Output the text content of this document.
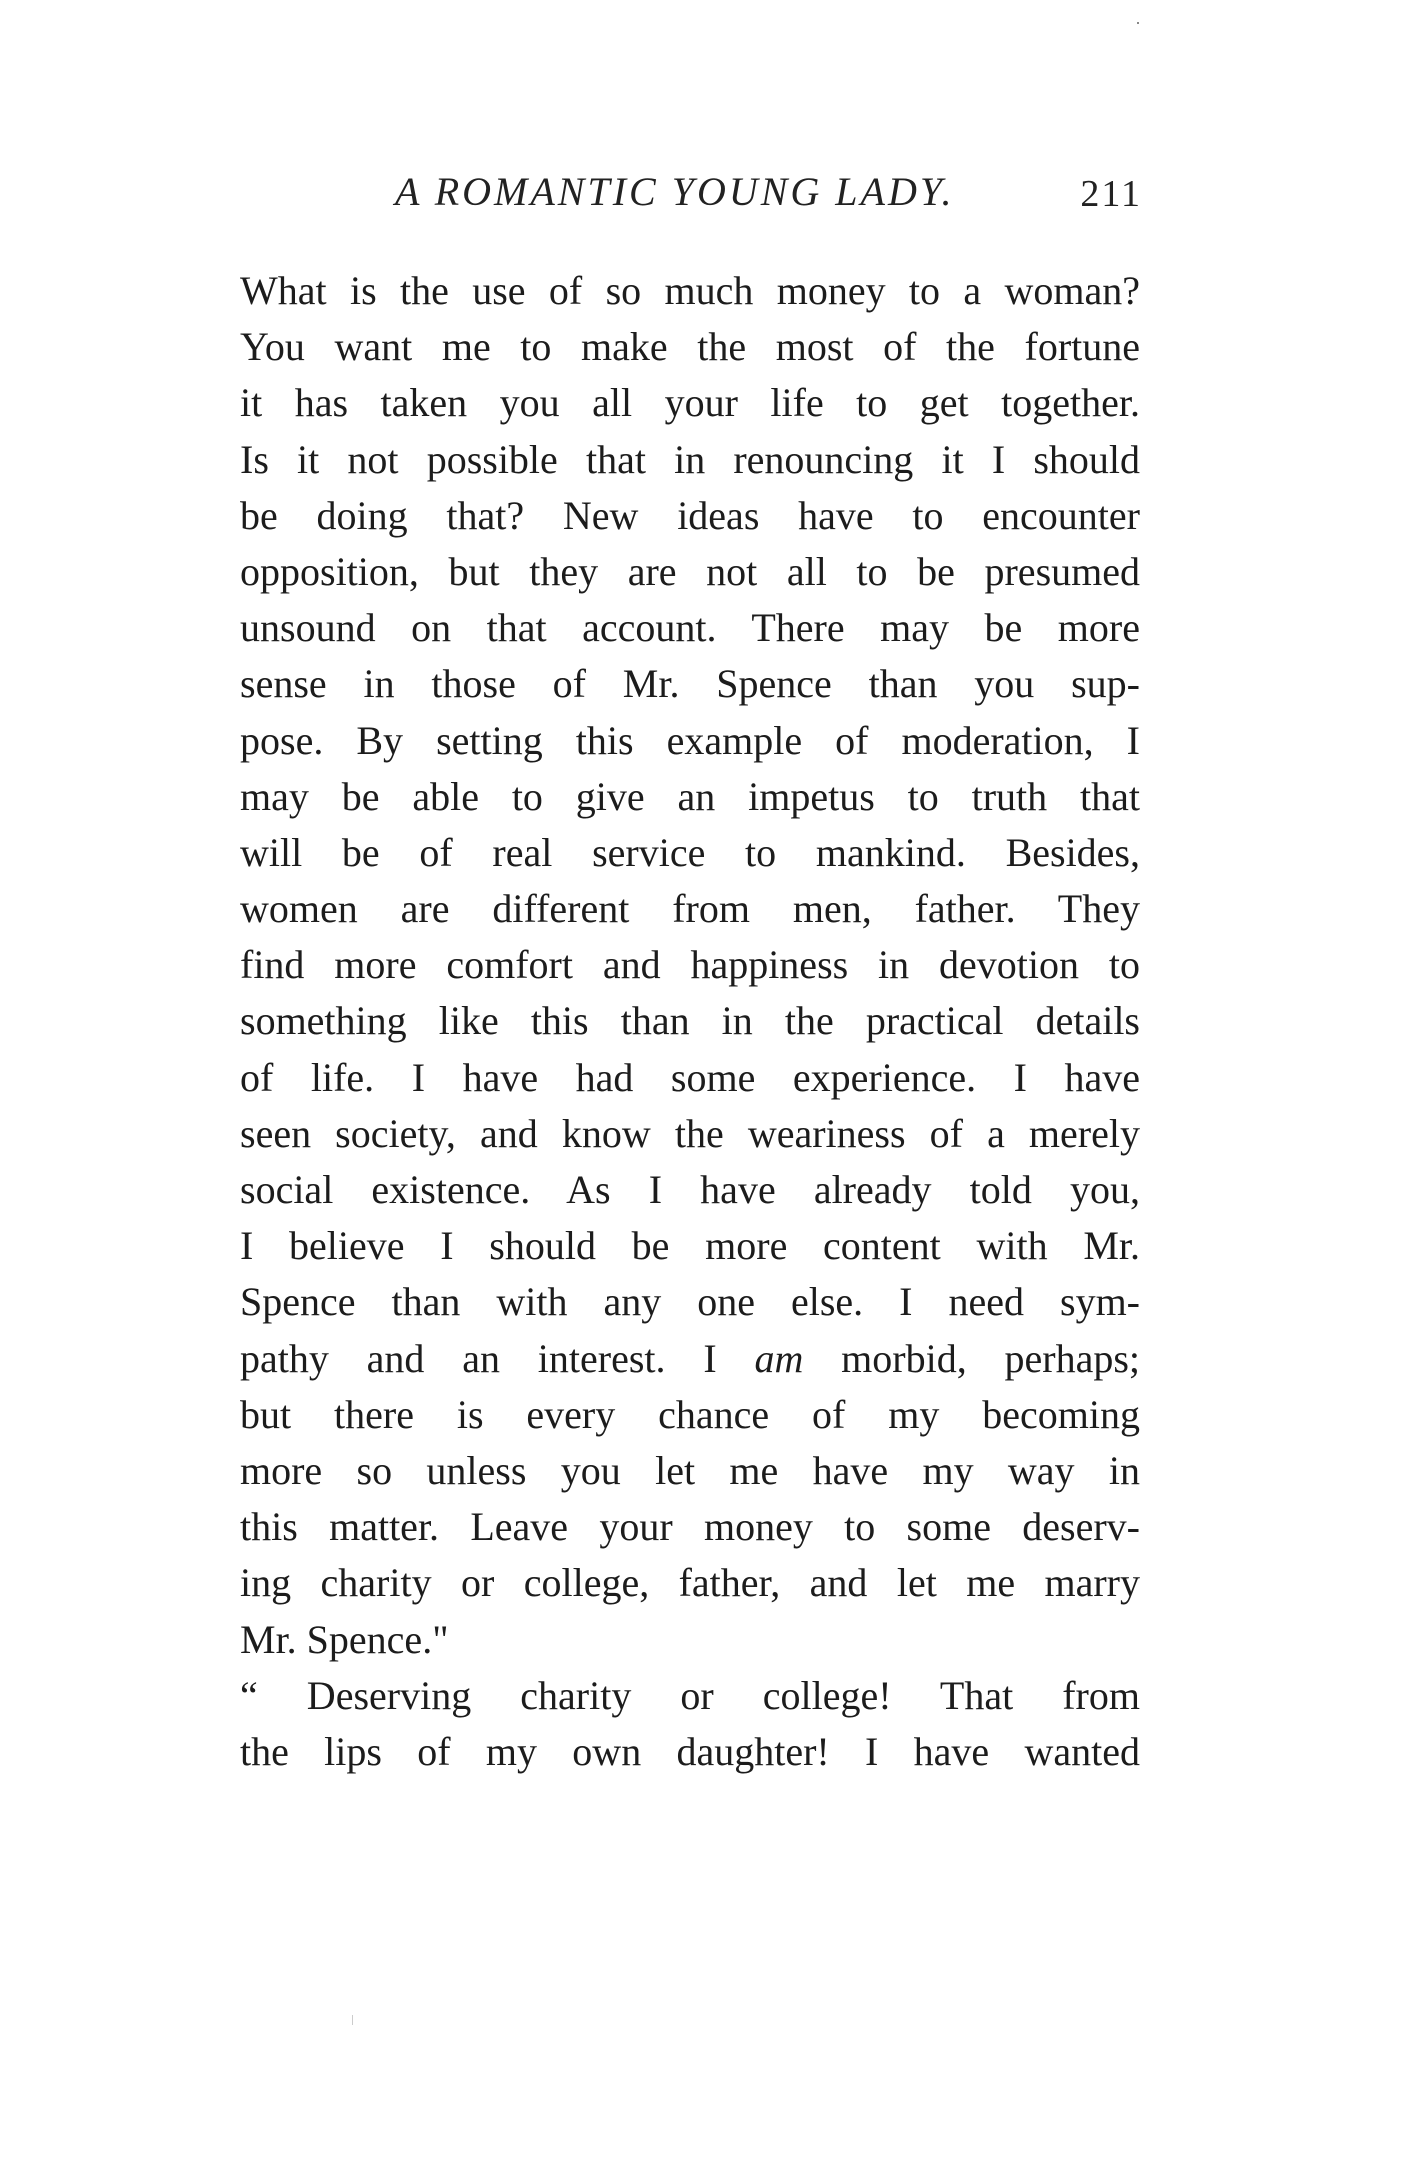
A ROMANTIC YOUNG LADY.	211
What is the use of so much money to a woman?
You want me to make the most of the fortune
it has taken you all your life to get together.
Is it not possible that in renouncing it I should
be doing that? New ideas have to encounter
opposition, but they are not all to be presumed
unsound on that account. There may be more
sense in those of Mr. Spence than you sup-
pose. By setting this example of moderation, I
may be able to give an impetus to truth that
will be of real service to mankind. Besides,
women are different from men, father. They
find more comfort and happiness in devotion to
something like this than in the practical details
of life. I have had some experience. I have
seen society, and know the weariness of a merely
social existence. As I have already told you,
I believe I should be more content with Mr.
Spence than with any one else. I need sym-
pathy and an interest. I am morbid, perhaps;
but there is every chance of my becoming
more so unless you let me have my way in
this matter. Leave your money to some deserv-
ing charity or college, father, and let me marry
Mr. Spence."
“ Deserving charity or college! That from
the lips of my own daughter! I have wanted
